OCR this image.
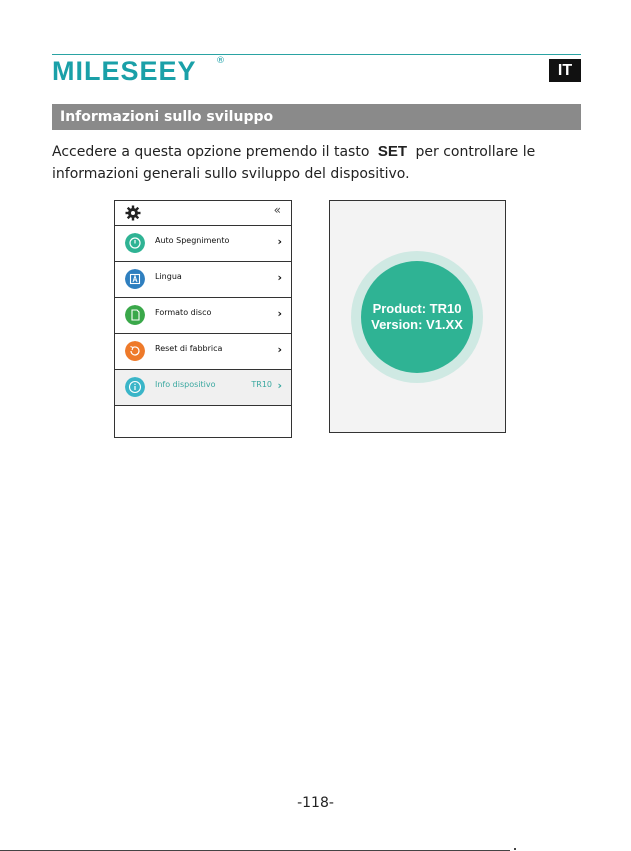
MILESEEY ®
IT
Informazioni sullo sviluppo
Accedere a questa opzione premendo il tasto SET per controllare le informazioni generali sullo sviluppo del dispositivo.
«
Auto Spegnimento	›
Lingua	›
Formato disco	›
Reset di fabbrica	›
Info dispositivo	TR10 ›
Product: TR10
Version: V1.XX
-118-
